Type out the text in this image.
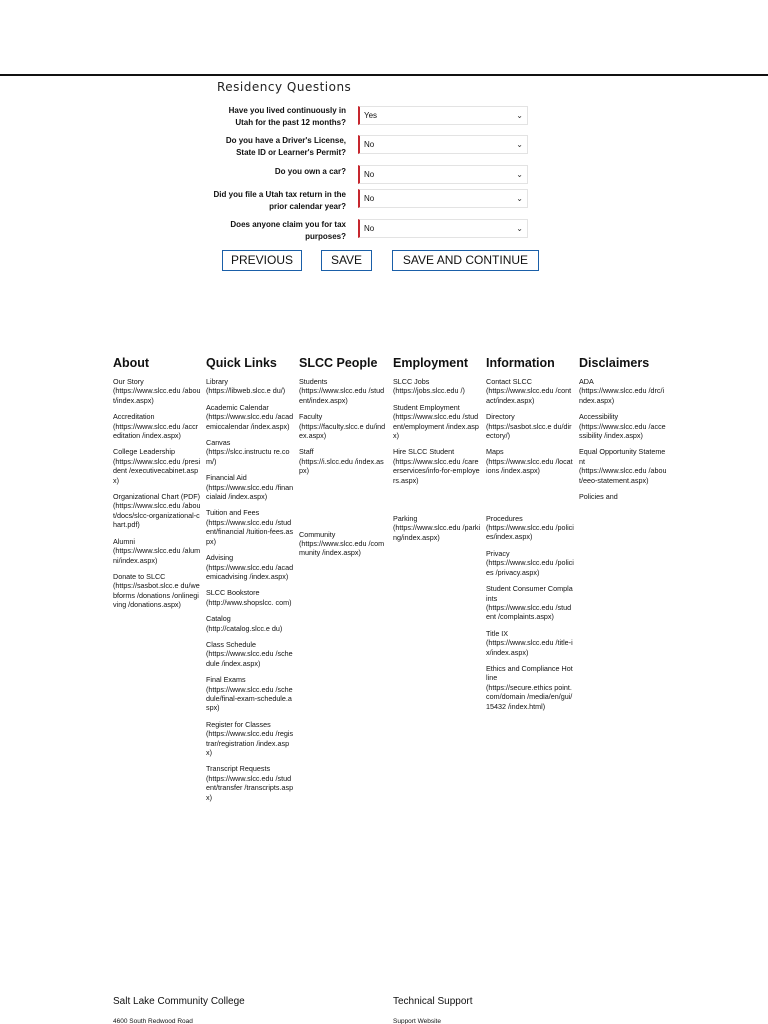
Residency Questions
Have you lived continuously in Utah for the past 12 months?
Yes	⌄
Do you have a Driver's License, State ID or Learner's Permit?
No	⌄
Do you own a car?	No	⌄
Did you file a Utah tax return in the prior calendar year?
No	⌄
Does anyone claim you for tax purposes?
No	⌄
PREVIOUS	SAVE	SAVE AND CONTINUE
About
Our Story
(https://www.slcc.edu /about/index.aspx)
Accreditation
(https://www.slcc.edu /accreditation /index.aspx)
College Leadership
(https://www.slcc.edu /president /executivecabinet.asp x)
Organizational Chart (PDF)
(https://www.slcc.edu /about/docs/slcc-organizational-chart.pdf)
Alumni
(https://www.slcc.edu /alumni/index.aspx)
Donate to SLCC
(https://sasbot.slcc.e du/webforms /donations /onlinegiving /donations.aspx)
Quick Links
Library
(https://libweb.slcc.e du/)
Academic Calendar
(https://www.slcc.edu /academiccalendar /index.aspx)
Canvas
(https://slcc.instructu re.com/)
Financial Aid
(https://www.slcc.edu /financialaid /index.aspx)
Tuition and Fees
(https://www.slcc.edu /student/financial /tuition-fees.aspx)
Advising
(https://www.slcc.edu /academicadvising /index.aspx)
SLCC Bookstore
(http://www.shopslcc. com)
Catalog
(http://catalog.slcc.e du)
Class Schedule
(https://www.slcc.edu /schedule /index.aspx)
Final Exams
(https://www.slcc.edu /schedule/final-exam-schedule.aspx)
Register for Classes
(https://www.slcc.edu /registrar/registration /index.aspx)
Transcript Requests
(https://www.slcc.edu /student/transfer /transcripts.aspx)
SLCC People
Students
(https://www.slcc.edu /student/index.aspx)
Faculty
(https://faculty.slcc.e du/index.aspx)
Staff
(https://i.slcc.edu /index.aspx)
Community
(https://www.slcc.edu /community /index.aspx)
Employment
SLCC Jobs
(https://jobs.slcc.edu /)
Student Employment
(https://www.slcc.edu /student/employment /index.aspx)
Hire SLCC Student
(https://www.slcc.edu /careerservices/info-for-employers.aspx)
Parking
(https://www.slcc.edu /parking/index.aspx)
Information
Contact SLCC
(https://www.slcc.edu /contact/index.aspx)
Directory
(https://sasbot.slcc.e du/directory/)
Maps
(https://www.slcc.edu /locations /index.aspx)
Procedures
(https://www.slcc.edu /policies/index.aspx)
Privacy
(https://www.slcc.edu /policies /privacy.aspx)
Student Consumer Complaints
(https://www.slcc.edu /student /complaints.aspx)
Title IX
(https://www.slcc.edu /title-ix/index.aspx)
Ethics and Compliance Hotline
(https://secure.ethics point.com/domain /media/en/gui/15432 /index.html)
Disclaimers
ADA
(https://www.slcc.edu /drc/index.aspx)
Accessibility
(https://www.slcc.edu /accessibility /index.aspx)
Equal Opportunity Statement
(https://www.slcc.edu /about/eeo-statement.aspx)
Policies and
Salt Lake Community College
4600 South Redwood Road
Technical Support
Support Website
